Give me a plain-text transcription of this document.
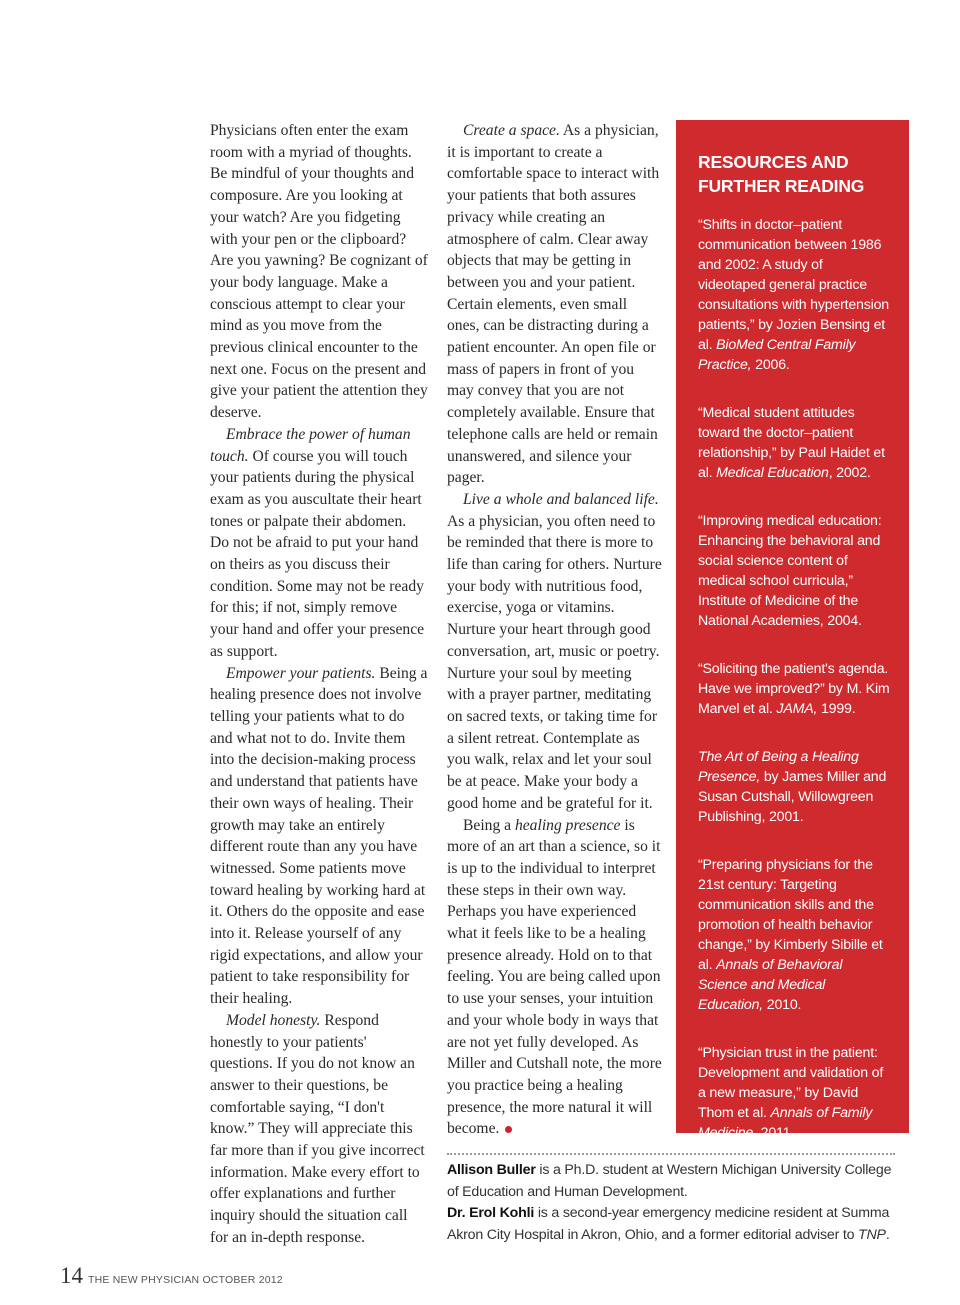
Physicians often enter the exam room with a myriad of thoughts. Be mindful of your thoughts and composure. Are you looking at your watch? Are you fidgeting with your pen or the clipboard? Are you yawning? Be cognizant of your body language. Make a conscious attempt to clear your mind as you move from the previous clinical encounter to the next one. Focus on the present and give your patient the attention they deserve.

Embrace the power of human touch. Of course you will touch your patients during the physical exam as you auscultate their heart tones or palpate their abdomen. Do not be afraid to put your hand on theirs as you discuss their condition. Some may not be ready for this; if not, simply remove your hand and offer your presence as support.

Empower your patients. Being a healing presence does not involve telling your patients what to do and what not to do. Invite them into the decision-making process and understand that patients have their own ways of healing. Their growth may take an entirely different route than any you have witnessed. Some patients move toward healing by working hard at it. Others do the opposite and ease into it. Release yourself of any rigid expectations, and allow your patient to take responsibility for their healing.

Model honesty. Respond honestly to your patients' questions. If you do not know an answer to their questions, be comfortable saying, “I don't know.” They will appreciate this far more than if you give incorrect information. Make every effort to offer explanations and further inquiry should the situation call for an in-depth response.

Create a space. As a physician, it is important to create a comfortable space to interact with your patients that both assures privacy while creating an atmosphere of calm. Clear away objects that may be getting in between you and your patient. Certain elements, even small ones, can be distracting during a patient encounter. An open file or mass of papers in front of you may convey that you are not completely available. Ensure that telephone calls are held or remain unanswered, and silence your pager.

Live a whole and balanced life. As a physician, you often need to be reminded that there is more to life than caring for others. Nurture your body with nutritious food, exercise, yoga or vitamins. Nurture your heart through good conversation, art, music or poetry. Nurture your soul by meeting with a prayer partner, meditating on sacred texts, or taking time for a silent retreat. Contemplate as you walk, relax and let your soul be at peace. Make your body a good home and be grateful for it.

Being a healing presence is more of an art than a science, so it is up to the individual to interpret these steps in their own way. Perhaps you have experienced what it feels like to be a healing presence already. Hold on to that feeling. You are being called upon to use your senses, your intuition and your whole body in ways that are not yet fully developed. As Miller and Cutshall note, the more you practice being a healing presence, the more natural it will become.

RESOURCES AND FURTHER READING

“Shifts in doctor–patient communication between 1986 and 2002: A study of videotaped general practice consultations with hypertension patients,” by Jozien Bensing et al. BioMed Central Family Practice, 2006.

“Medical student attitudes toward the doctor–patient relationship,” by Paul Haidet et al. Medical Education, 2002.

“Improving medical education: Enhancing the behavioral and social science content of medical school curricula,” Institute of Medicine of the National Academies, 2004.

“Soliciting the patient's agenda. Have we improved?” by M. Kim Marvel et al. JAMA, 1999.

The Art of Being a Healing Presence, by James Miller and Susan Cutshall, Willowgreen Publishing, 2001.

“Preparing physicians for the 21st century: Targeting communication skills and the promotion of health behavior change,” by Kimberly Sibille et al. Annals of Behavioral Science and Medical Education, 2010.

“Physician trust in the patient: Development and validation of a new measure,” by David Thom et al. Annals of Family Medicine, 2011.

Allison Buller is a Ph.D. student at Western Michigan University College of Education and Human Development.

Dr. Erol Kohli is a second-year emergency medicine resident at Summa Akron City Hospital in Akron, Ohio, and a former editorial adviser to TNP.

14 THE NEW PHYSICIAN OCTOBER 2012
